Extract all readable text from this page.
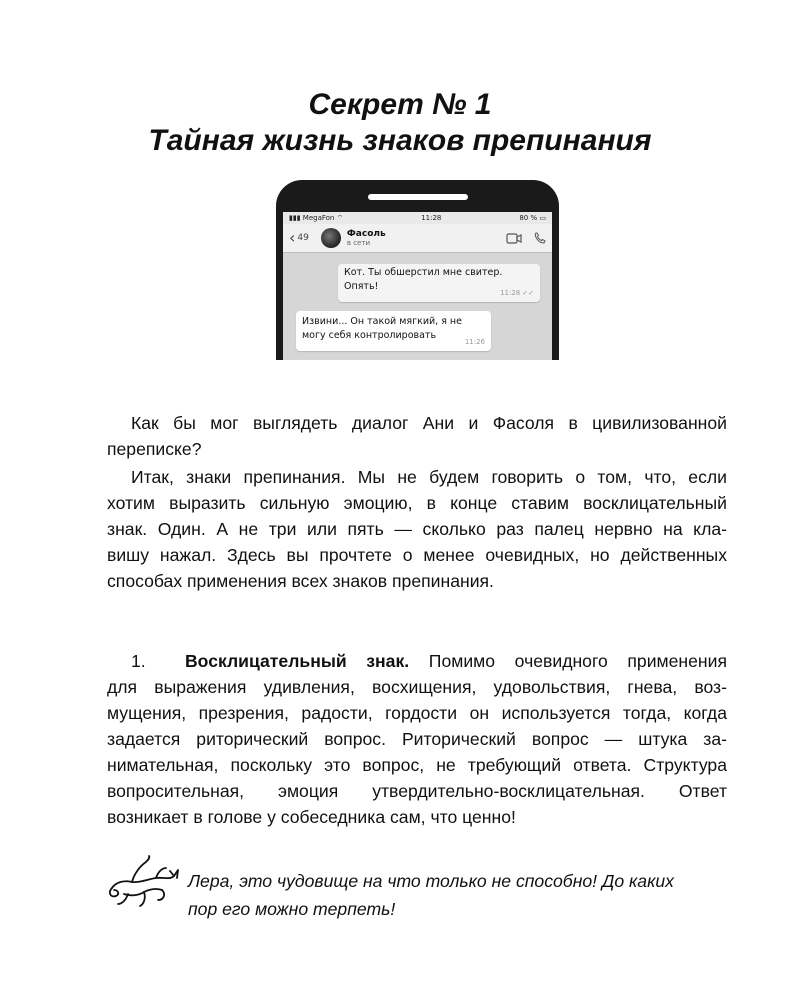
Секрет № 1
Тайная жизнь знаков препинания
▮▮▮ MegaFon ⌔	11:28	80 % ▭
‹ 49	Фасоль
в сети
Кот. Ты обшерстил мне свитер.
Опять!
11:28 ✓✓
Извини... Он такой мягкий, я не
могу себя контролировать
11:26

Как бы мог выглядеть диалог Ани и Фасоля в цивилизованной
переписке?

Итак, знаки препинания. Мы не будем говорить о том, что, если
хотим выразить сильную эмоцию, в конце ставим восклицательный
знак. Один. А не три или пять — сколько раз палец нервно на кла-
вишу нажал. Здесь вы прочтете о менее очевидных, но действенных
способах применения всех знаков препинания.

1. Восклицательный знак. Помимо очевидного применения
для выражения удивления, восхищения, удовольствия, гнева, воз-
мущения, презрения, радости, гордости он используется тогда, когда
задается риторический вопрос. Риторический вопрос — штука за-
нимательная, поскольку это вопрос, не требующий ответа. Структура
вопросительная, эмоция утвердительно-восклицательная. Ответ
возникает в голове у собеседника сам, что ценно!

Лера, это чудовище на что только не способно! До каких
пор его можно терпеть!
